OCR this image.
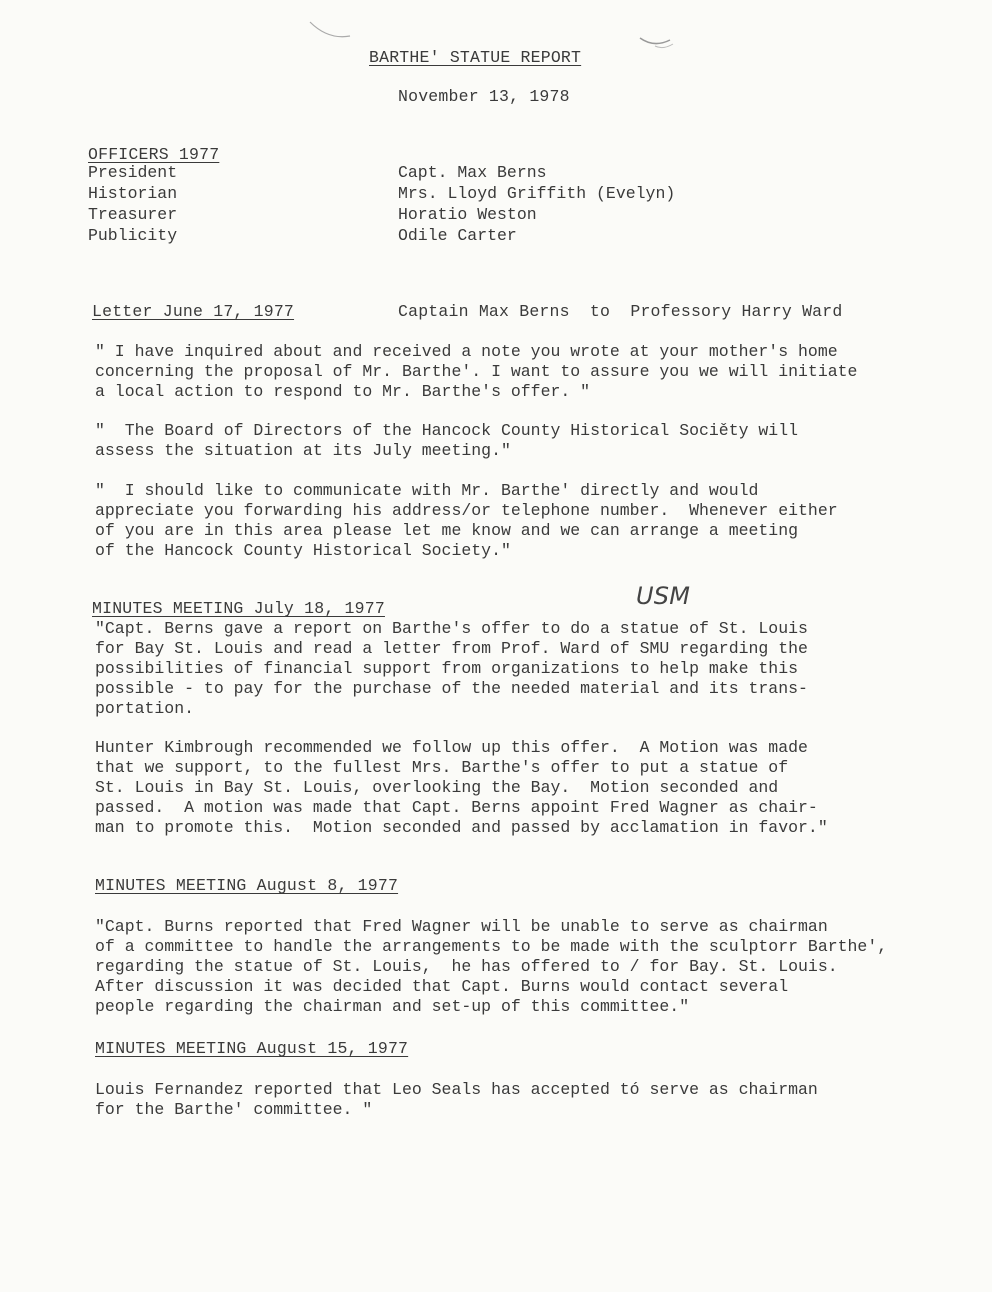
BARTHE' STATUE REPORT
November 13, 1978
OFFICERS 1977
President	Capt. Max Berns
Historian	Mrs. Lloyd Griffith (Evelyn)
Treasurer	Horatio Weston
Publicity	Odile Carter
Letter June 17, 1977	Captain Max Berns  to  Professory Harry Ward
" I have inquired about and received a note you wrote at your mother's home
concerning the proposal of Mr. Barthe'. I want to assure you we will initiate
a local action to respond to Mr. Barthe's offer. "
"  The Board of Directors of the Hancock County Historical Sociěty will
assess the situation at its July meeting."
"  I should like to communicate with Mr. Barthe' directly and would
appreciate you forwarding his address/or telephone number.  Whenever either
of you are in this area please let me know and we can arrange a meeting
of the Hancock County Historical Society."
MINUTES MEETING July 18, 1977	USM
"Capt. Berns gave a report on Barthe's offer to do a statue of St. Louis
for Bay St. Louis and read a letter from Prof. Ward of SMU regarding the
possibilities of financial support from organizations to help make this
possible - to pay for the purchase of the needed material and its trans-
portation.
Hunter Kimbrough recommended we follow up this offer.  A Motion was made
that we support, to the fullest Mrs. Barthe's offer to put a statue of
St. Louis in Bay St. Louis, overlooking the Bay.  Motion seconded and
passed.  A motion was made that Capt. Berns appoint Fred Wagner as chair-
man to promote this.  Motion seconded and passed by acclamation in favor."
MINUTES MEETING August 8, 1977
"Capt. Burns reported that Fred Wagner will be unable to serve as chairman
of a committee to handle the arrangements to be made with the sculptorr Barthe',
regarding the statue of St. Louis,  he has offered to / for Bay. St. Louis.
After discussion it was decided that Capt. Burns would contact several
people regarding the chairman and set-up of this committee."
MINUTES MEETING August 15, 1977
Louis Fernandez reported that Leo Seals has accepted tó serve as chairman
for the Barthe' committee. "
